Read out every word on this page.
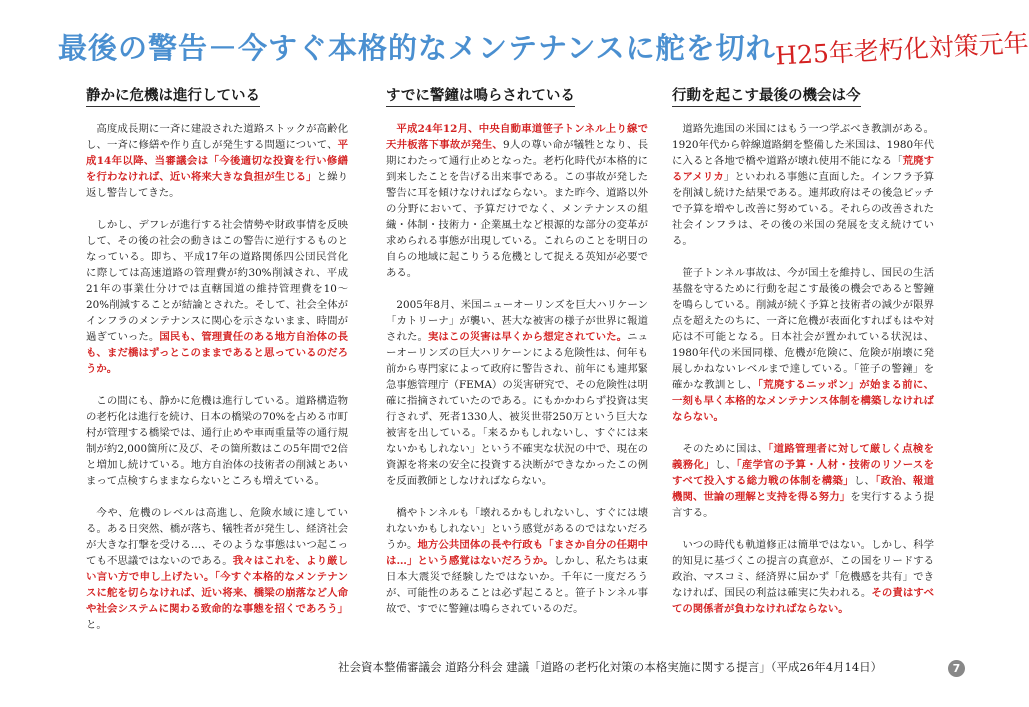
最後の警告－今すぐ本格的なメンテナンスに舵を切れ
H25年老朽化対策元年
静かに危機は進行している

高度成長期に一斉に建設された道路ストックが高齢化し、一斉に修繕や作り直しが発生する問題について、平成14年以降、当審議会は「今後適切な投資を行い修繕を行わなければ、近い将来大きな負担が生じる」と繰り返し警告してきた。

しかし、デフレが進行する社会情勢や財政事情を反映して、その後の社会の動きはこの警告に逆行するものとなっている。即ち、平成17年の道路関係四公団民営化に際しては高速道路の管理費が約30%削減され、平成21年の事業仕分けでは直轄国道の維持管理費を10～20%削減することが結論とされた。そして、社会全体がインフラのメンテナンスに関心を示さないまま、時間が過ぎていった。国民も、管理責任のある地方自治体の長も、まだ橋はずっとこのままであると思っているのだろうか。

この間にも、静かに危機は進行している。道路構造物の老朽化は進行を続け、日本の橋梁の70%を占める市町村が管理する橋梁では、通行止めや車両重量等の通行規制が約2,000箇所に及び、その箇所数はこの5年間で2倍と増加し続けている。地方自治体の技術者の削減とあいまって点検すらままならないところも増えている。

今や、危機のレベルは高進し、危険水域に達している。ある日突然、橋が落ち、犠牲者が発生し、経済社会が大きな打撃を受ける…、そのような事態はいつ起こっても不思議ではないのである。我々はこれを、より厳しい言い方で申し上げたい。「今すぐ本格的なメンテナンスに舵を切らなければ、近い将来、橋梁の崩落など人命や社会システムに関わる致命的な事態を招くであろう」と。

すでに警鐘は鳴らされている

平成24年12月、中央自動車道笹子トンネル上り線で天井板落下事故が発生、9人の尊い命が犠牲となり、長期にわたって通行止めとなった。老朽化時代が本格的に到来したことを告げる出来事である。この事故が発した警告に耳を傾けなければならない。また昨今、道路以外の分野において、予算だけでなく、メンテナンスの組織・体制・技術力・企業風土など根源的な部分の変革が求められる事態が出現している。これらのことを明日の自らの地域に起こりうる危機として捉える英知が必要である。

2005年8月、米国ニューオーリンズを巨大ハリケーン「カトリーナ」が襲い、甚大な被害の様子が世界に報道された。実はこの災害は早くから想定されていた。ニューオーリンズの巨大ハリケーンによる危険性は、何年も前から専門家によって政府に警告され、前年にも連邦緊急事態管理庁（FEMA）の災害研究で、その危険性は明確に指摘されていたのである。にもかかわらず投資は実行されず、死者1330人、被災世帯250万という巨大な被害を出している。「来るかもしれないし、すぐには来ないかもしれない」という不確実な状況の中で、現在の資源を将来の安全に投資する決断ができなかったこの例を反面教師としなければならない。

橋やトンネルも「壊れるかもしれないし、すぐには壊れないかもしれない」という感覚があるのではないだろうか。地方公共団体の長や行政も「まさか自分の任期中は…」という感覚はないだろうか。しかし、私たちは東日本大震災で経験したではないか。千年に一度だろうが、可能性のあることは必ず起こると。笹子トンネル事故で、すでに警鐘は鳴らされているのだ。

行動を起こす最後の機会は今

道路先進国の米国にはもう一つ学ぶべき教訓がある。1920年代から幹線道路網を整備した米国は、1980年代に入ると各地で橋や道路が壊れ使用不能になる「荒廃するアメリカ」といわれる事態に直面した。インフラ予算を削減し続けた結果である。連邦政府はその後急ピッチで予算を増やし改善に努めている。それらの改善された社会インフラは、その後の米国の発展を支え続けている。

笹子トンネル事故は、今が国土を維持し、国民の生活基盤を守るために行動を起こす最後の機会であると警鐘を鳴らしている。削減が続く予算と技術者の減少が限界点を超えたのちに、一斉に危機が表面化すればもはや対応は不可能となる。日本社会が置かれている状況は、1980年代の米国同様、危機が危険に、危険が崩壊に発展しかねないレベルまで達している。「笹子の警鐘」を確かな教訓とし、「荒廃するニッポン」が始まる前に、一刻も早く本格的なメンテナンス体制を構築しなければならない。

そのために国は、「道路管理者に対して厳しく点検を義務化」し、「産学官の予算・人材・技術のリソースをすべて投入する総力戦の体制を構築」し、「政治、報道機関、世論の理解と支持を得る努力」を実行するよう提言する。

いつの時代も軌道修正は簡単ではない。しかし、科学的知見に基づくこの提言の真意が、この国をリードする政治、マスコミ、経済界に届かず「危機感を共有」できなければ、国民の利益は確実に失われる。その責はすべての関係者が負わなければならない。

社会資本整備審議会 道路分科会 建議「道路の老朽化対策の本格実施に関する提言」（平成26年4月14日）	7
